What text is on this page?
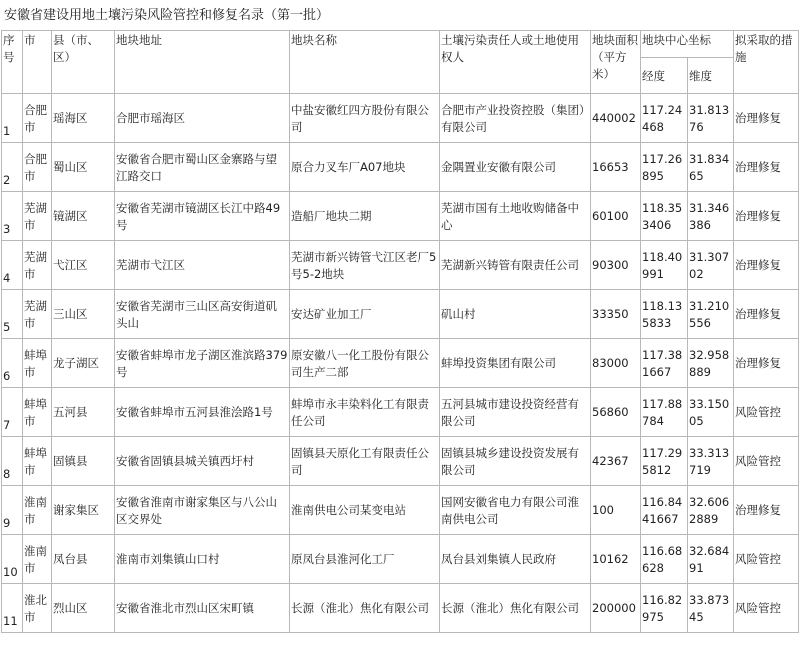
安徽省建设用地土壤污染风险管控和修复名录（第一批）
序号	市	县（市、区）	地块地址	地块名称	土壤污染责任人或土地使用权人	地块面积（平方米）	地块中心坐标		拟采取的措施
							经度	维度	
1	合肥市	瑶海区	合肥市瑶海区	中盐安徽红四方股份有限公司	合肥市产业投资控股（集团）有限公司	440002	117.24468	31.81376	治理修复
2	合肥市	蜀山区	安徽省合肥市蜀山区金寨路与望江路交口	原合力叉车厂A07地块	金隅置业安徽有限公司	16653	117.26895	31.83465	治理修复
3	芜湖市	镜湖区	安徽省芜湖市镜湖区长江中路49号	造船厂地块二期	芜湖市国有土地收购储备中心	60100	118.353406	31.346386	治理修复
4	芜湖市	弋江区	芜湖市弋江区	芜湖市新兴铸管弋江区老厂5号5-2地块	芜湖新兴铸管有限责任公司	90300	118.40991	31.30702	治理修复
5	芜湖市	三山区	安徽省芜湖市三山区高安街道矶头山	安达矿业加工厂	矶山村	33350	118.135833	31.210556	治理修复
6	蚌埠市	龙子湖区	安徽省蚌埠市龙子湖区淮滨路379号	原安徽八一化工股份有限公司生产二部	蚌埠投资集团有限公司	83000	117.381667	32.958889	治理修复
7	蚌埠市	五河县	安徽省蚌埠市五河县淮浍路1号	蚌埠市永丰染料化工有限责任公司	五河县城市建设投资经营有限公司	56860	117.88784	33.15005	风险管控
8	蚌埠市	固镇县	安徽省固镇县城关镇西圩村	固镇县天原化工有限责任公司	固镇县城乡建设投资发展有限公司	42367	117.295812	33.313719	风险管控
9	淮南市	谢家集区	安徽省淮南市谢家集区与八公山区交界处	淮南供电公司某变电站	国网安徽省电力有限公司淮南供电公司	100	116.8441667	32.6062889	治理修复
10	淮南市	凤台县	淮南市刘集镇山口村	原凤台县淮河化工厂	凤台县刘集镇人民政府	10162	116.68628	32.68491	风险管控
11	淮北市	烈山区	安徽省淮北市烈山区宋町镇	长源（淮北）焦化有限公司	长源（淮北）焦化有限公司	200000	116.82975	33.87345	风险管控
